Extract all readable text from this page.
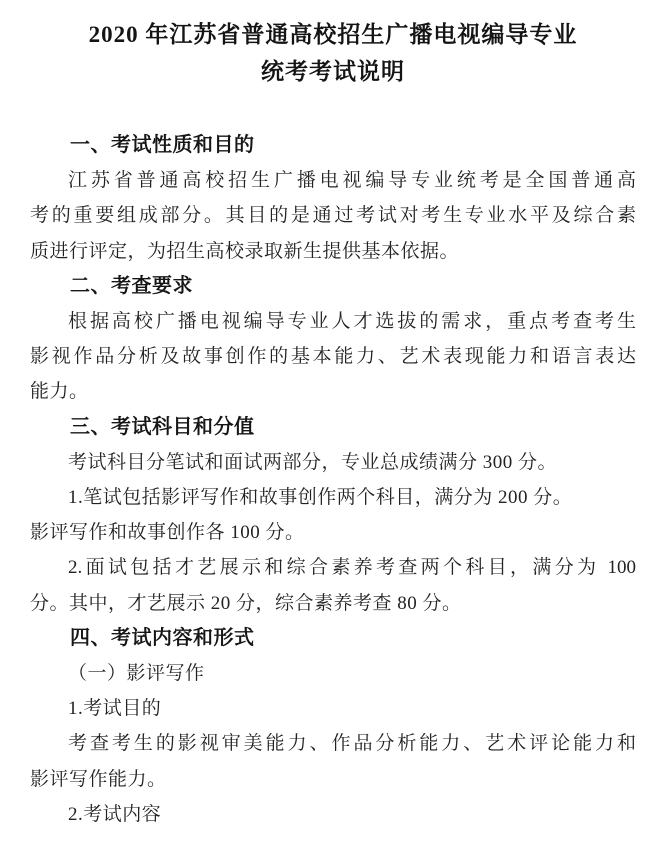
2020 年江苏省普通高校招生广播电视编导专业
统考考试说明
一、考试性质和目的
江苏省普通高校招生广播电视编导专业统考是全国普通高
考的重要组成部分。其目的是通过考试对考生专业水平及综合素
质进行评定，为招生高校录取新生提供基本依据。
二、考查要求
根据高校广播电视编导专业人才选拔的需求，重点考查考生
影视作品分析及故事创作的基本能力、艺术表现能力和语言表达
能力。
三、考试科目和分值
考试科目分笔试和面试两部分，专业总成绩满分 300 分。
1.笔试包括影评写作和故事创作两个科目，满分为 200 分。
影评写作和故事创作各 100 分。
2.面试包括才艺展示和综合素养考查两个科目，满分为 100
分。其中，才艺展示 20 分，综合素养考查 80 分。
四、考试内容和形式
（一）影评写作
1.考试目的
考查考生的影视审美能力、作品分析能力、艺术评论能力和
影评写作能力。
2.考试内容
